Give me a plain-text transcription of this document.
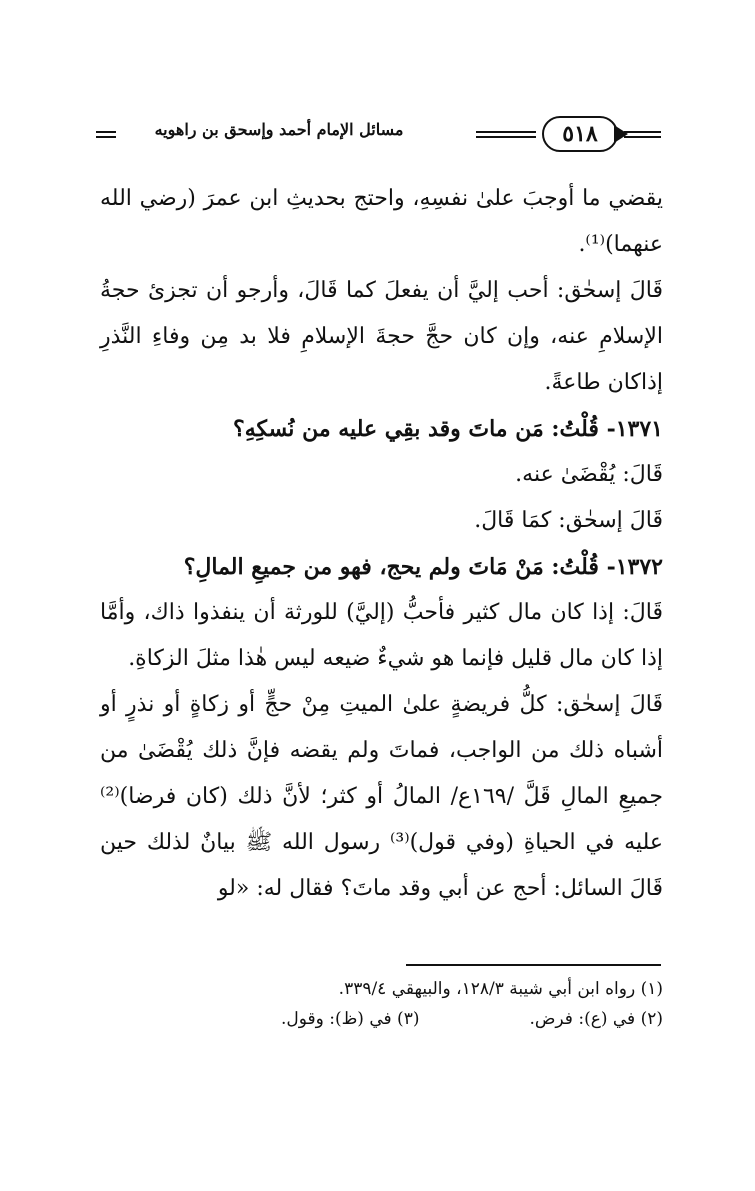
مسائل الإمام أحمد وإسحق بن راهويه	٥١٨

يقضي ما أوجبَ علىٰ نفسِهِ، واحتج بحديثِ ابن عمرَ (رضي الله عنهما)⁽¹⁾.

قَالَ إسحٰق: أحب إليَّ أن يفعلَ كما قَالَ، وأرجو أن تجزئ حجةُ الإسلامِ عنه، وإن كان حجَّ حجةَ الإسلامِ فلا بد مِن وفاءِ النَّذرِ إذاكان طاعةً.

١٣٧١- قُلْتُ: مَن ماتَ وقد بقِي عليه من نُسكِهِ؟

قَالَ: يُقْضَىٰ عنه.

قَالَ إسحٰق: كمَا قَالَ.

١٣٧٢- قُلْتُ: مَنْ مَاتَ ولم يحج، فهو من جميعِ المالِ؟

قَالَ: إذا كان مال كثير فأحبُّ (إليَّ) للورثة أن ينفذوا ذاك، وأمَّا إذا كان مال قليل فإنما هو شيءٌ ضيعه ليس هٰذا مثلَ الزكاةِ.

قَالَ إسحٰق: كلُّ فريضةٍ علىٰ الميتِ مِنْ حجٍّ أو زكاةٍ أو نذرٍ أو أشباه ذلك من الواجب، فماتَ ولم يقضه فإنَّ ذلك يُقْضَىٰ من جميعِ المالِ قَلَّ /١٦٩ع/ المالُ أو كثر؛ لأنَّ ذلك (كان فرضا)⁽²⁾ عليه في الحياةِ (وفي قول)⁽³⁾ رسول الله ﷺ بيانٌ لذلك حين قَالَ السائل: أحج عن أبي وقد ماتَ؟ فقال له: «لو

(١) رواه ابن أبي شيبة ١٢٨/٣، والبيهقي ٣٣٩/٤.
(٢) في (ع): فرض.
(٣) في (ظ): وقول.
